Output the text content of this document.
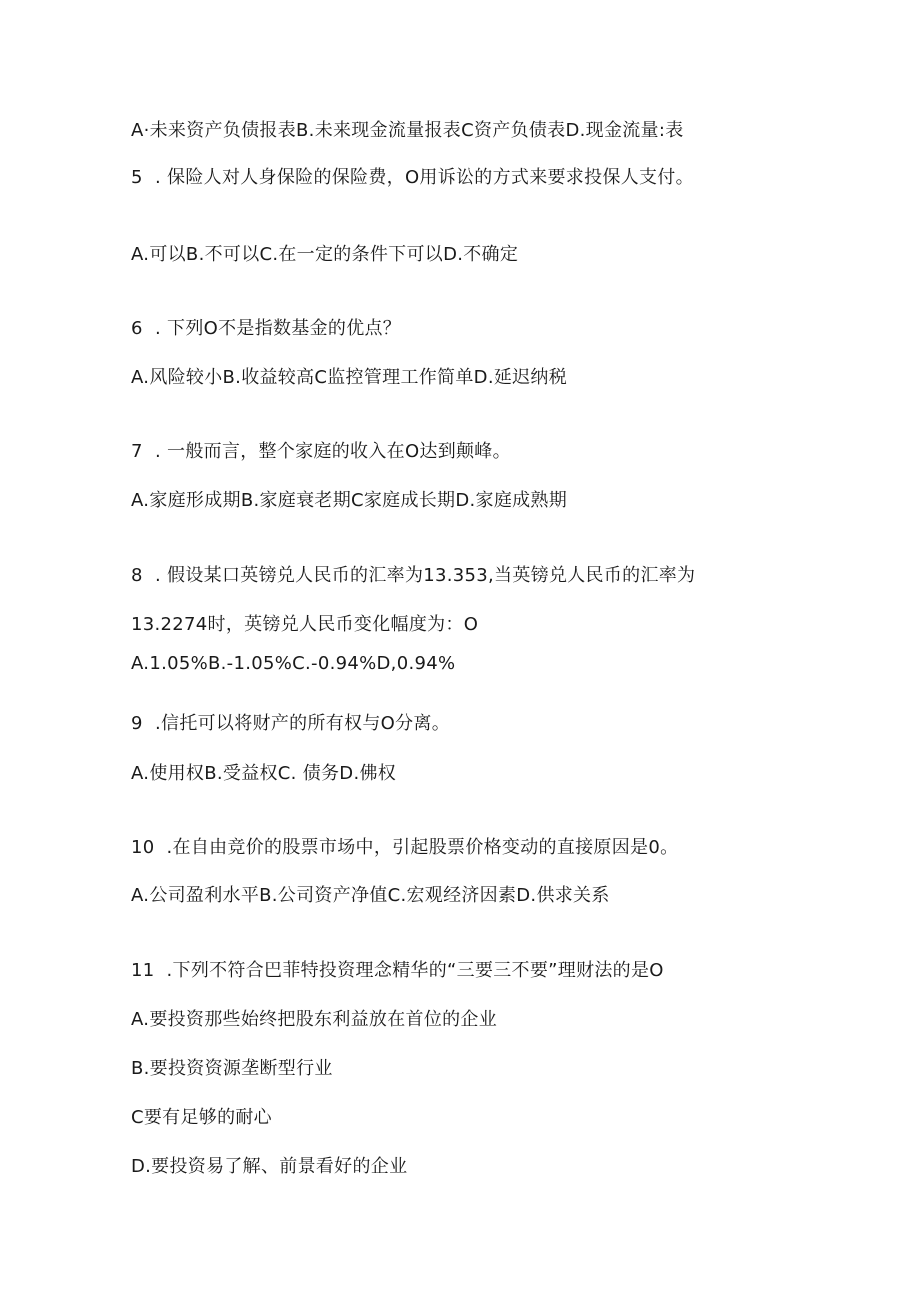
A·未来资产负债报表B.未来现金流量报表C资产负债表D.现金流量:表
5 . 保险人对人身保险的保险费，O用诉讼的方式来要求投保人支付。
A.可以B.不可以C.在一定的条件下可以D.不确定
6 . 下列O不是指数基金的优点？
A.风险较小B.收益较高C监控管理工作简单D.延迟纳税
7 . 一般而言，整个家庭的收入在O达到颠峰。
A.家庭形成期B.家庭衰老期C家庭成长期D.家庭成熟期
8 . 假设某口英镑兑人民币的汇率为13.353,当英镑兑人民币的汇率为
13.2274时，英镑兑人民币变化幅度为：O
A.1.05%B.-1.05%C.-0.94%D,0.94%
9 .信托可以将财产的所有权与O分离。
A.使用权B.受益权C. 债务D.佛权
10 .在自由竞价的股票市场中，引起股票价格变动的直接原因是0。
A.公司盈利水平B.公司资产净值C.宏观经济因素D.供求关系
11 .下列不符合巴菲特投资理念精华的“三要三不要”理财法的是O
A.要投资那些始终把股东利益放在首位的企业
B.要投资资源垄断型行业
C要有足够的耐心
D.要投资易了解、前景看好的企业
